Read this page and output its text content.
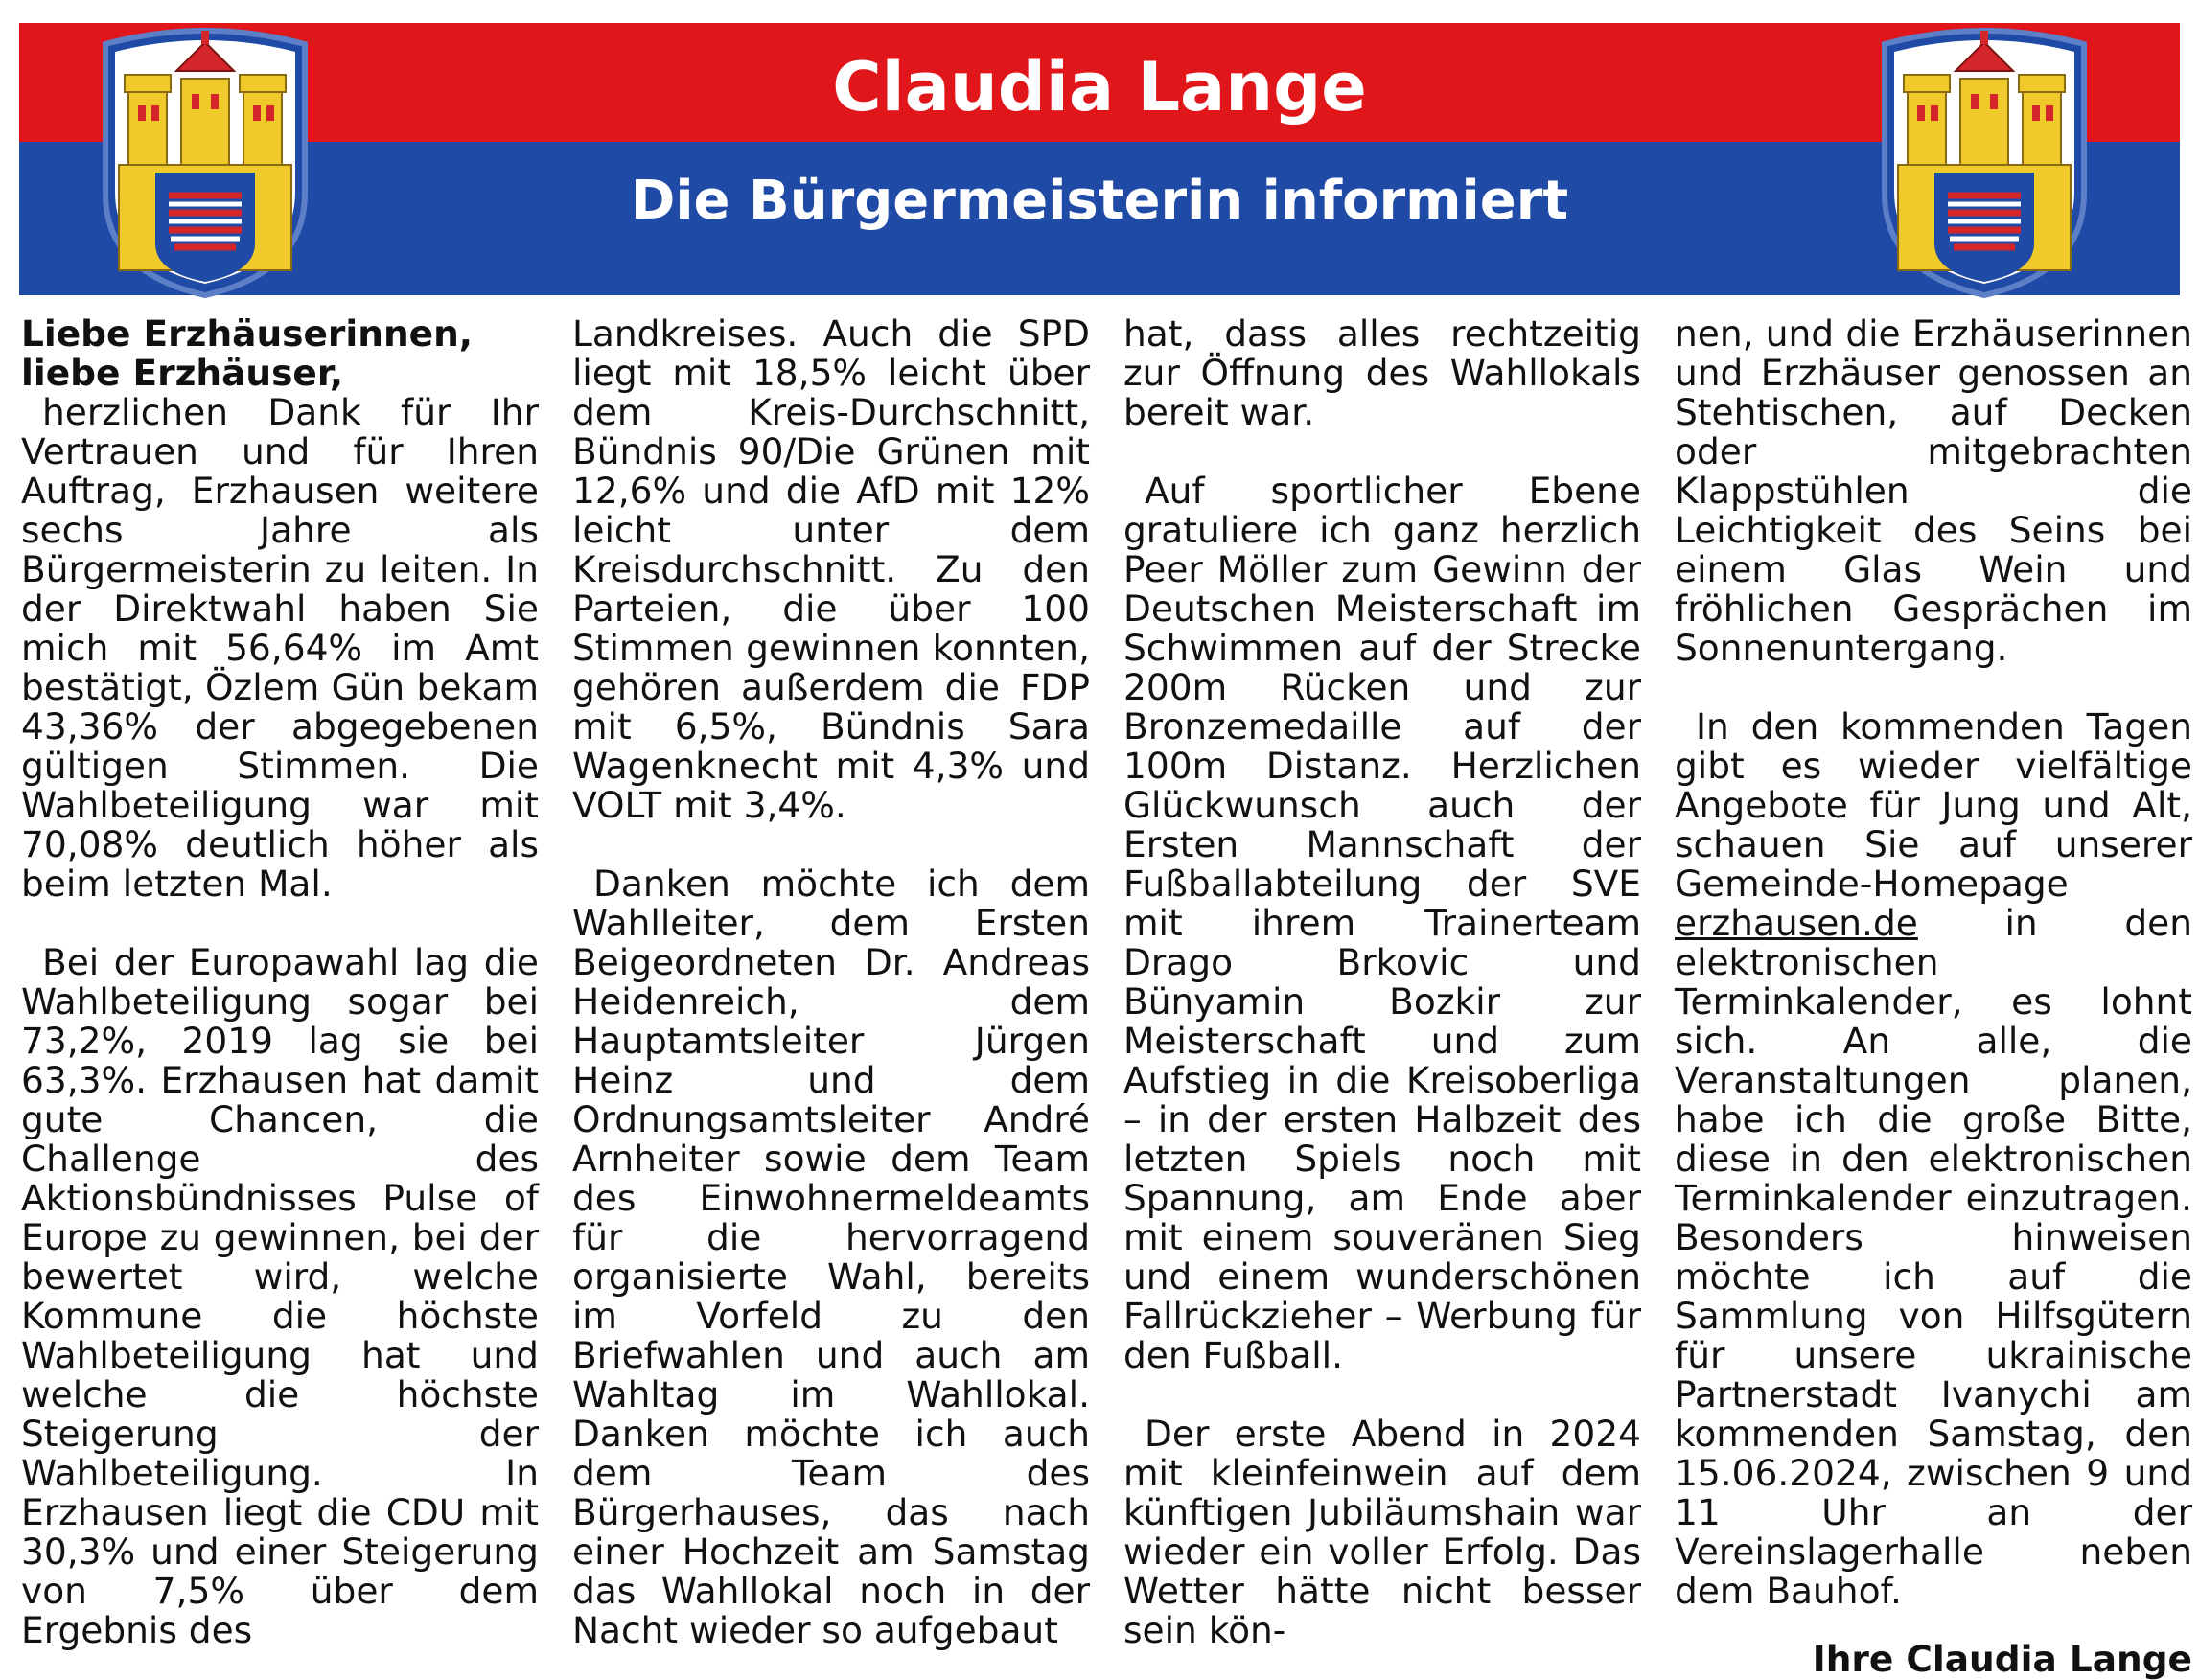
Claudia Lange
Die Bürgermeisterin informiert

Liebe Erzhäuserinnen,

liebe Erzhäuser,

herzlichen Dank für Ihr Vertrauen und für Ihren Auftrag, Erzhausen weitere sechs Jahre als Bürgermeisterin zu leiten. In der Direktwahl haben Sie mich mit 56,64% im Amt bestätigt, Özlem Gün bekam 43,36% der abgegebenen gültigen Stimmen. Die Wahlbeteiligung war mit 70,08% deutlich höher als beim letzten Mal.

Bei der Europawahl lag die Wahlbeteiligung sogar bei 73,2%, 2019 lag sie bei 63,3%. Erzhausen hat damit gute Chancen, die Challenge des Aktionsbündnisses Pulse of Europe zu gewinnen, bei der bewertet wird, welche Kommune die höchste Wahlbeteiligung hat und welche die höchste Steigerung der Wahlbeteiligung. In Erzhausen liegt die CDU mit 30,3% und einer Steigerung von 7,5% über dem Ergebnis des

Landkreises. Auch die SPD liegt mit 18,5% leicht über dem Kreis-Durchschnitt, Bündnis 90/Die Grünen mit 12,6% und die AfD mit 12% leicht unter dem Kreisdurchschnitt. Zu den Parteien, die über 100 Stimmen gewinnen konnten, gehören außerdem die FDP mit 6,5%, Bündnis Sara Wagenknecht mit 4,3% und VOLT mit 3,4%.

Danken möchte ich dem Wahlleiter, dem Ersten Beigeordneten Dr. Andreas Heidenreich, dem Hauptamtsleiter Jürgen Heinz und dem Ordnungsamtsleiter André Arnheiter sowie dem Team des Einwohnermeldeamts für die hervorragend organisierte Wahl, bereits im Vorfeld zu den Briefwahlen und auch am Wahltag im Wahllokal. Danken möchte ich auch dem Team des Bürgerhauses, das nach einer Hochzeit am Samstag das Wahllokal noch in der Nacht wieder so aufgebaut

hat, dass alles rechtzeitig zur Öffnung des Wahllokals bereit war.

Auf sportlicher Ebene gratuliere ich ganz herzlich Peer Möller zum Gewinn der Deutschen Meisterschaft im Schwimmen auf der Strecke 200m Rücken und zur Bronzemedaille auf der 100m Distanz. Herzlichen Glückwunsch auch der Ersten Mannschaft der Fußballabteilung der SVE mit ihrem Trainerteam Drago Brkovic und Bünyamin Bozkir zur Meisterschaft und zum Aufstieg in die Kreisoberliga – in der ersten Halbzeit des letzten Spiels noch mit Spannung, am Ende aber mit einem souveränen Sieg und einem wunderschönen Fallrückzieher – Werbung für den Fußball.

Der erste Abend in 2024 mit kleinfeinwein auf dem künftigen Jubiläumshain war wieder ein voller Erfolg. Das Wetter hätte nicht besser sein kön-

nen, und die Erzhäuserinnen und Erzhäuser genossen an Stehtischen, auf Decken oder mitgebrachten Klappstühlen die Leichtigkeit des Seins bei einem Glas Wein und fröhlichen Gesprächen im Sonnenuntergang.

In den kommenden Tagen gibt es wieder vielfältige Angebote für Jung und Alt, schauen Sie auf unserer Gemeinde-Homepage erzhausen.de in den elektronischen Terminkalender, es lohnt sich. An alle, die Veranstaltungen planen, habe ich die große Bitte, diese in den elektronischen Terminkalender einzutragen. Besonders hinweisen möchte ich auf die Sammlung von Hilfsgütern für unsere ukrainische Partnerstadt Ivanychi am kommenden Samstag, den 15.06.2024, zwischen 9 und 11 Uhr an der Vereinslagerhalle neben dem Bauhof.

Ihre Claudia Lange
